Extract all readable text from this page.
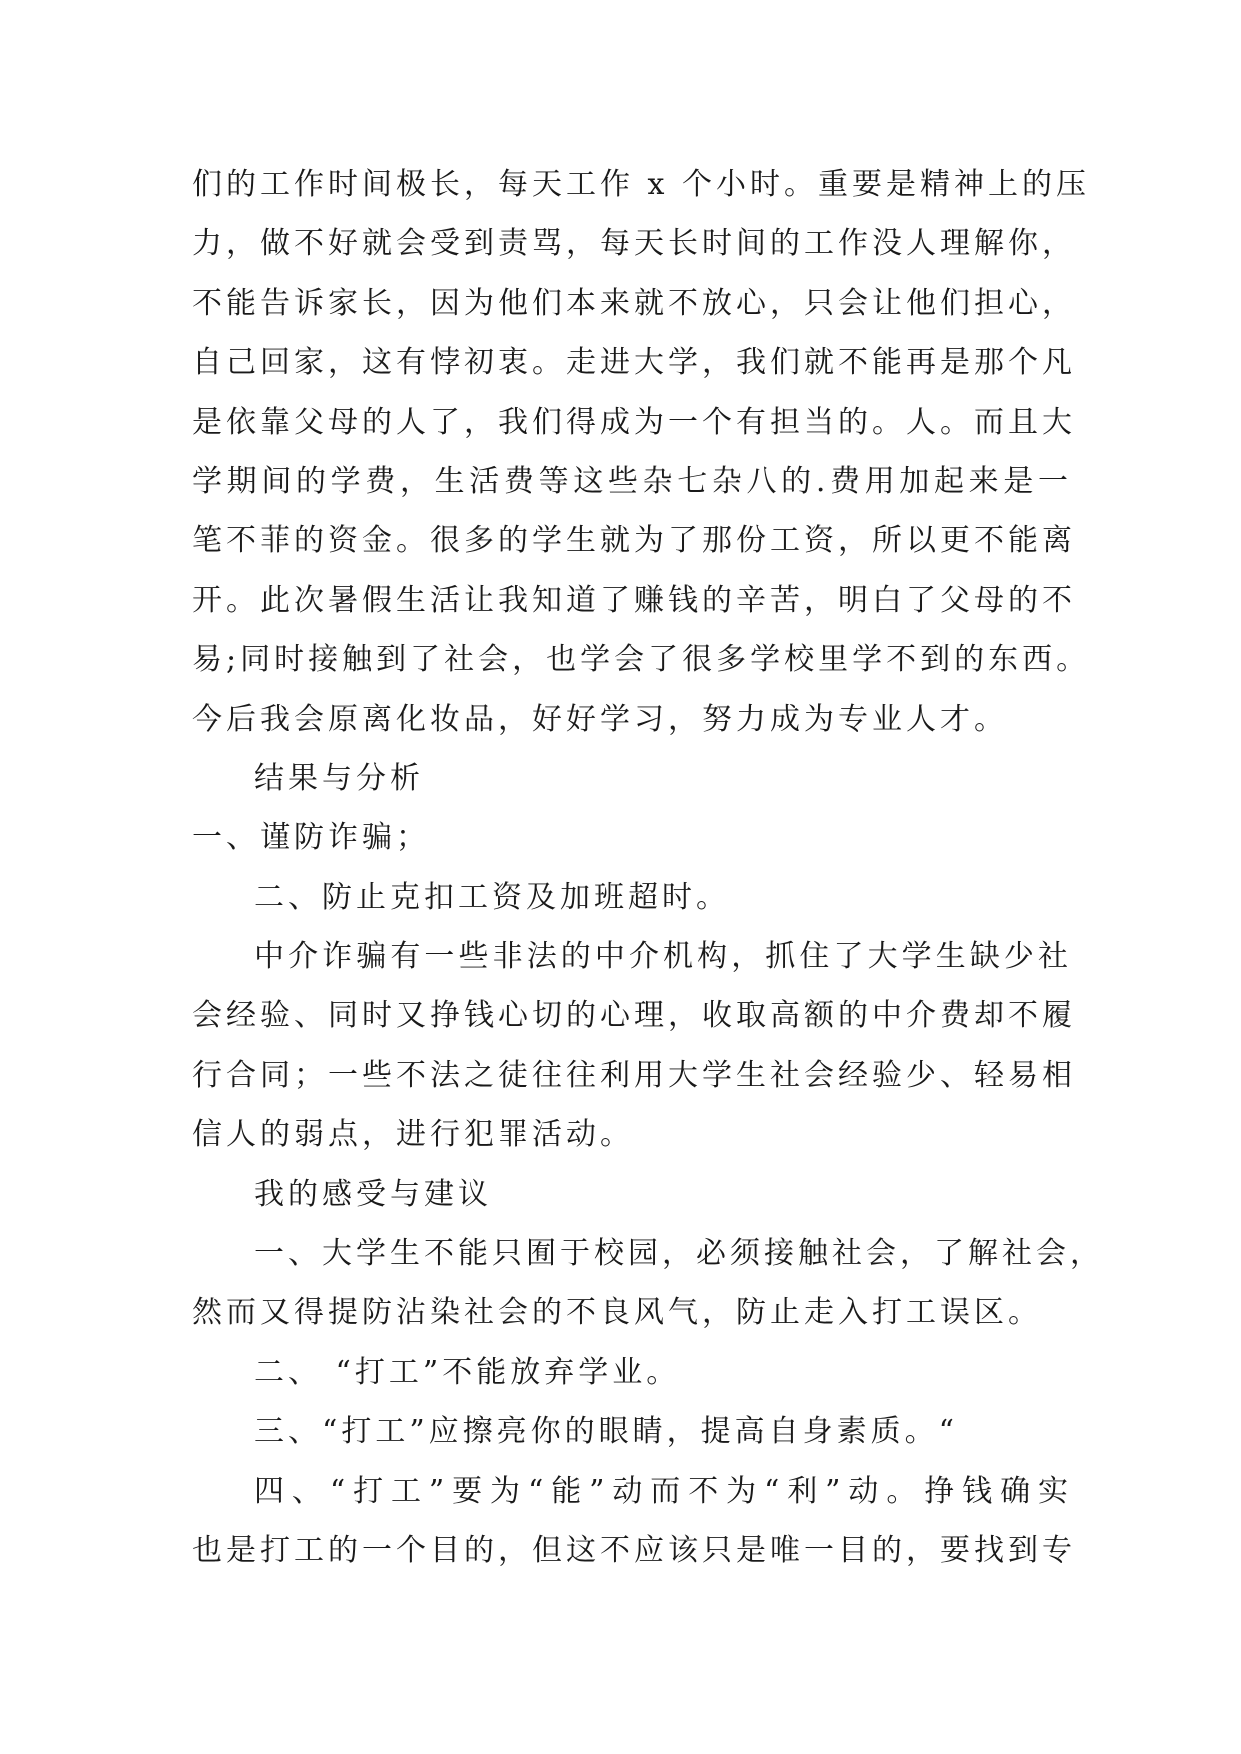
们的工作时间极长，每天工作 x 个小时。重要是精神上的压
力，做不好就会受到责骂，每天长时间的工作没人理解你，
不能告诉家长，因为他们本来就不放心，只会让他们担心，
自己回家，这有悖初衷。走进大学，我们就不能再是那个凡
是依靠父母的人了，我们得成为一个有担当的。人。而且大
学期间的学费，生活费等这些杂七杂八的.费用加起来是一
笔不菲的资金。很多的学生就为了那份工资，所以更不能离
开。此次暑假生活让我知道了赚钱的辛苦，明白了父母的不
易;同时接触到了社会，也学会了很多学校里学不到的东西。
今后我会原离化妆品，好好学习，努力成为专业人才。
结果与分析
一、谨防诈骗；
二、防止克扣工资及加班超时。
中介诈骗有一些非法的中介机构，抓住了大学生缺少社
会经验、同时又挣钱心切的心理，收取高额的中介费却不履
行合同；一些不法之徒往往利用大学生社会经验少、轻易相
信人的弱点，进行犯罪活动。
我的感受与建议
一、大学生不能只囿于校园，必须接触社会，了解社会，
然而又得提防沾染社会的不良风气，防止走入打工误区。
二、 “打工”不能放弃学业。
三、“打工”应擦亮你的眼睛，提高自身素质。“
四、“打工”要为“能”动而不为“利”动。挣钱确实
也是打工的一个目的，但这不应该只是唯一目的，要找到专
